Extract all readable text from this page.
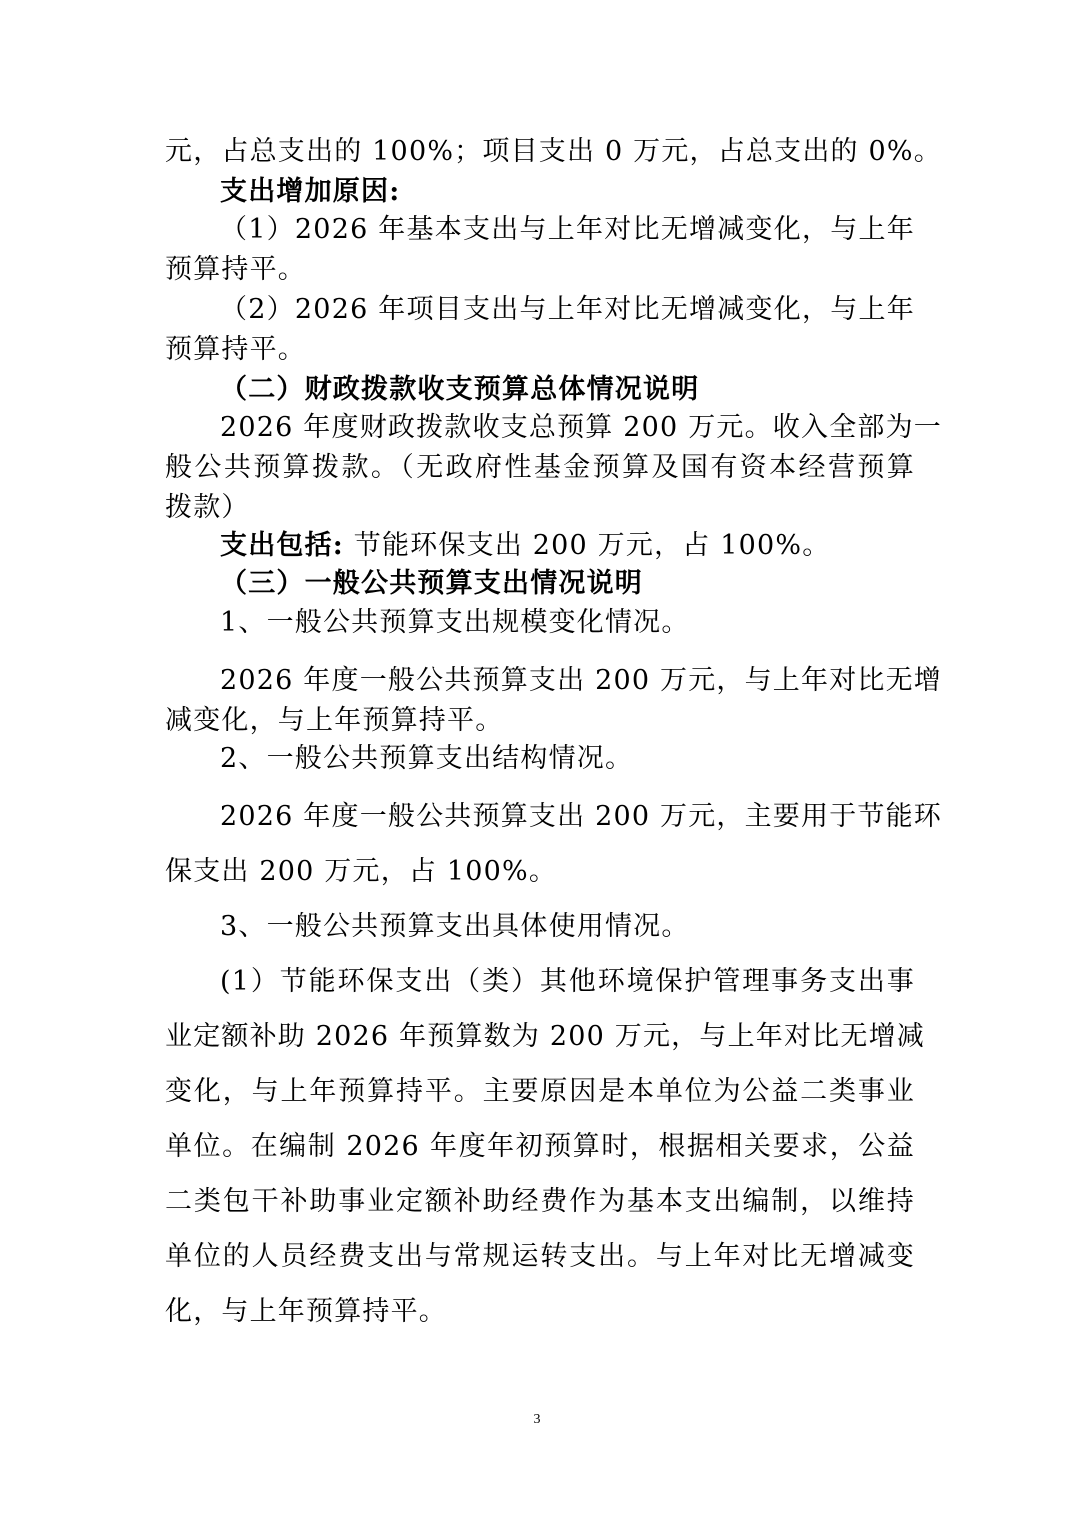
元，占总支出的 100%；项目支出 0 万元，占总支出的 0%。
支出增加原因:
（1）2026 年基本支出与上年对比无增减变化，与上年
预算持平。
（2）2026 年项目支出与上年对比无增减变化，与上年
预算持平。
（二）财政拨款收支预算总体情况说明
2026 年度财政拨款收支总预算 200 万元。收入全部为一
般公共预算拨款。（无政府性基金预算及国有资本经营预算
拨款）
支出包括: 节能环保支出 200 万元，占 100%。
（三）一般公共预算支出情况说明
1、一般公共预算支出规模变化情况。
2026 年度一般公共预算支出 200 万元，与上年对比无增
减变化，与上年预算持平。
2、一般公共预算支出结构情况。
2026 年度一般公共预算支出 200 万元，主要用于节能环
保支出 200 万元，占 100%。
3、一般公共预算支出具体使用情况。
(1）节能环保支出（类）其他环境保护管理事务支出事
业定额补助 2026 年预算数为 200 万元，与上年对比无增减
变化，与上年预算持平。主要原因是本单位为公益二类事业
单位。在编制 2026 年度年初预算时，根据相关要求，公益
二类包干补助事业定额补助经费作为基本支出编制，以维持
单位的人员经费支出与常规运转支出。与上年对比无增减变
化，与上年预算持平。
3
